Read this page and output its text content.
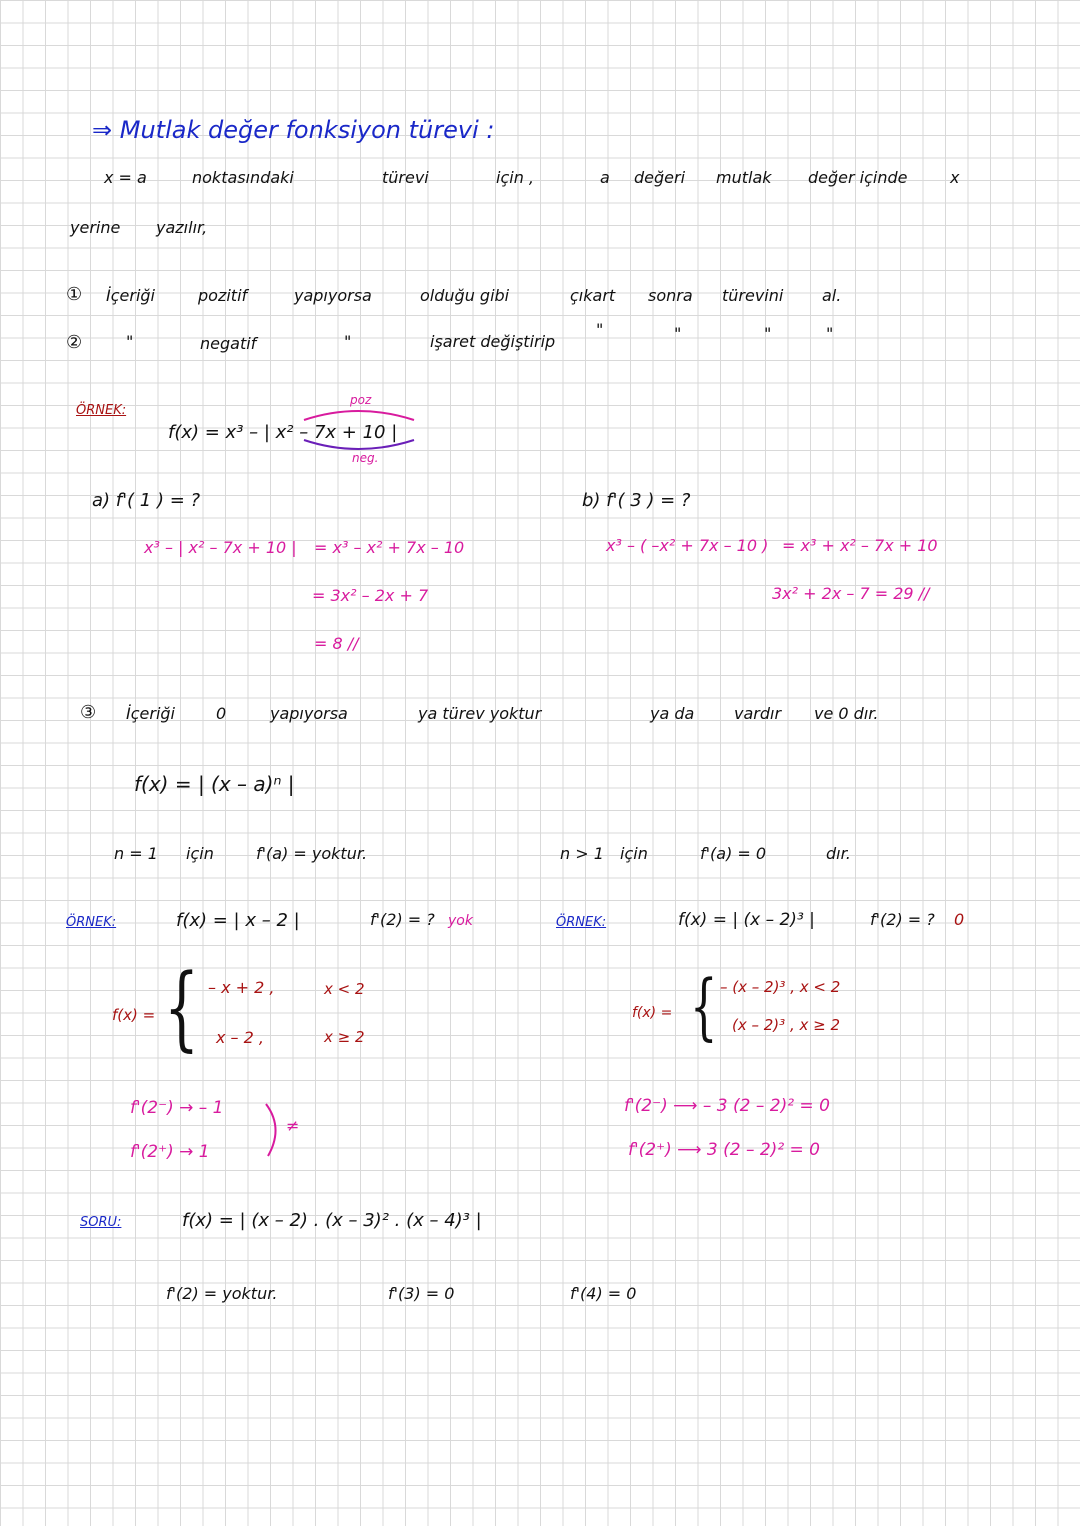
⇒ Mutlak değer fonksiyon türevi :
x = a	noktasındaki	türevi	için ,	a değeri mutlak değer içinde	x
yerine yazılır,
① İçeriği	pozitif	yapıyorsa	olduğu gibi	çıkart sonra türevini al.
②	"	negatif	"	işaret değiştirip
"	"	"	"
ÖRNEK:
poz
f(x) = x³ – | x² – 7x + 10 |
neg.
a) f'( 1 ) = ?
x³ – | x² – 7x + 10 | = x³ – x² + 7x – 10
= 3x² – 2x + 7
= 8 //
b) f'( 3 ) = ?
x³ – ( –x² + 7x – 10 ) = x³ + x² – 7x + 10
3x² + 2x – 7 = 29 //
③ İçeriği	0	yapıyorsa	ya türev yoktur	ya da vardır ve 0 dır.
f(x) = | (x – a)ⁿ |
n = 1 için	f'(a) = yoktur.	n > 1 için	f'(a) = 0	dır.
ÖRNEK:	f(x) = | x – 2 |	f'(2) = ? yok
f(x) = { – x + 2 ,	x < 2
x – 2 ,	x ≥ 2
f'(2⁻) → – 1
f'(2⁺) → 1
≠
ÖRNEK:	f(x) = | (x – 2)³ |	f'(2) = ? 0
f(x) = { – (x – 2)³ , x < 2
(x – 2)³ , x ≥ 2
f'(2⁻) ⟶ – 3 (2 – 2)² = 0
f'(2⁺) ⟶ 3 (2 – 2)² = 0
SORU:	f(x) = | (x – 2) . (x – 3)² . (x – 4)³ |
f'(2) = yoktur.	f'(3) = 0	f'(4) = 0
